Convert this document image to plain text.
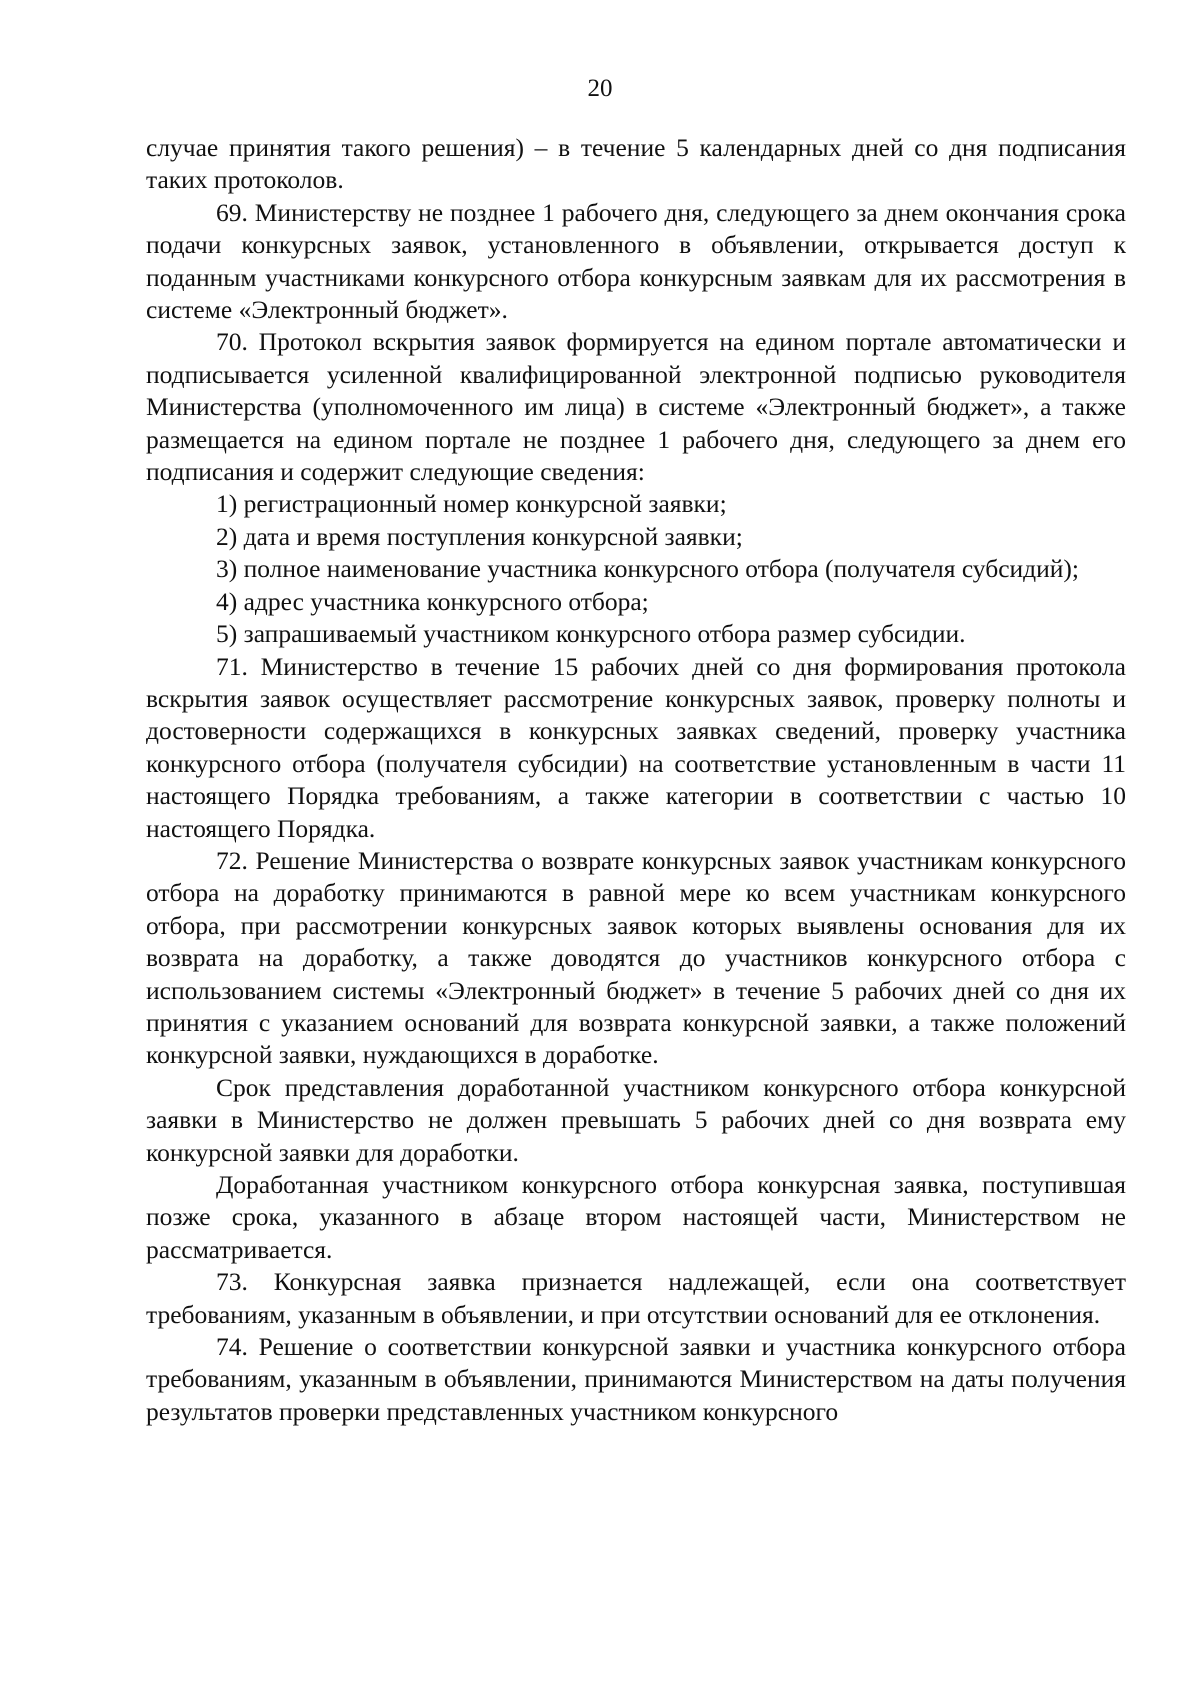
20

случае принятия такого решения) – в течение 5 календарных дней со дня подписания таких протоколов.

69. Министерству не позднее 1 рабочего дня, следующего за днем окончания срока подачи конкурсных заявок, установленного в объявлении, открывается доступ к поданным участниками конкурсного отбора конкурсным заявкам для их рассмотрения в системе «Электронный бюджет».

70. Протокол вскрытия заявок формируется на едином портале автоматически и подписывается усиленной квалифицированной электронной подписью руководителя Министерства (уполномоченного им лица) в системе «Электронный бюджет», а также размещается на едином портале не позднее 1 рабочего дня, следующего за днем его подписания и содержит следующие сведения:

1) регистрационный номер конкурсной заявки;

2) дата и время поступления конкурсной заявки;

3) полное наименование участника конкурсного отбора (получателя субсидий);

4) адрес участника конкурсного отбора;

5) запрашиваемый участником конкурсного отбора размер субсидии.

71. Министерство в течение 15 рабочих дней со дня формирования протокола вскрытия заявок осуществляет рассмотрение конкурсных заявок, проверку полноты и достоверности содержащихся в конкурсных заявках сведений, проверку участника конкурсного отбора (получателя субсидии) на соответствие установленным в части 11 настоящего Порядка требованиям, а также категории в соответствии с частью 10 настоящего Порядка.

72. Решение Министерства о возврате конкурсных заявок участникам конкурсного отбора на доработку принимаются в равной мере ко всем участникам конкурсного отбора, при рассмотрении конкурсных заявок которых выявлены основания для их возврата на доработку, а также доводятся до участников конкурсного отбора с использованием системы «Электронный бюджет» в течение 5 рабочих дней со дня их принятия с указанием оснований для возврата конкурсной заявки, а также положений конкурсной заявки, нуждающихся в доработке.

Срок представления доработанной участником конкурсного отбора конкурсной заявки в Министерство не должен превышать 5 рабочих дней со дня возврата ему конкурсной заявки для доработки.

Доработанная участником конкурсного отбора конкурсная заявка, поступившая позже срока, указанного в абзаце втором настоящей части, Министерством не рассматривается.

73. Конкурсная заявка признается надлежащей, если она соответствует требованиям, указанным в объявлении, и при отсутствии оснований для ее отклонения.

74. Решение о соответствии конкурсной заявки и участника конкурсного отбора требованиям, указанным в объявлении, принимаются Министерством на даты получения результатов проверки представленных участником конкурсного
